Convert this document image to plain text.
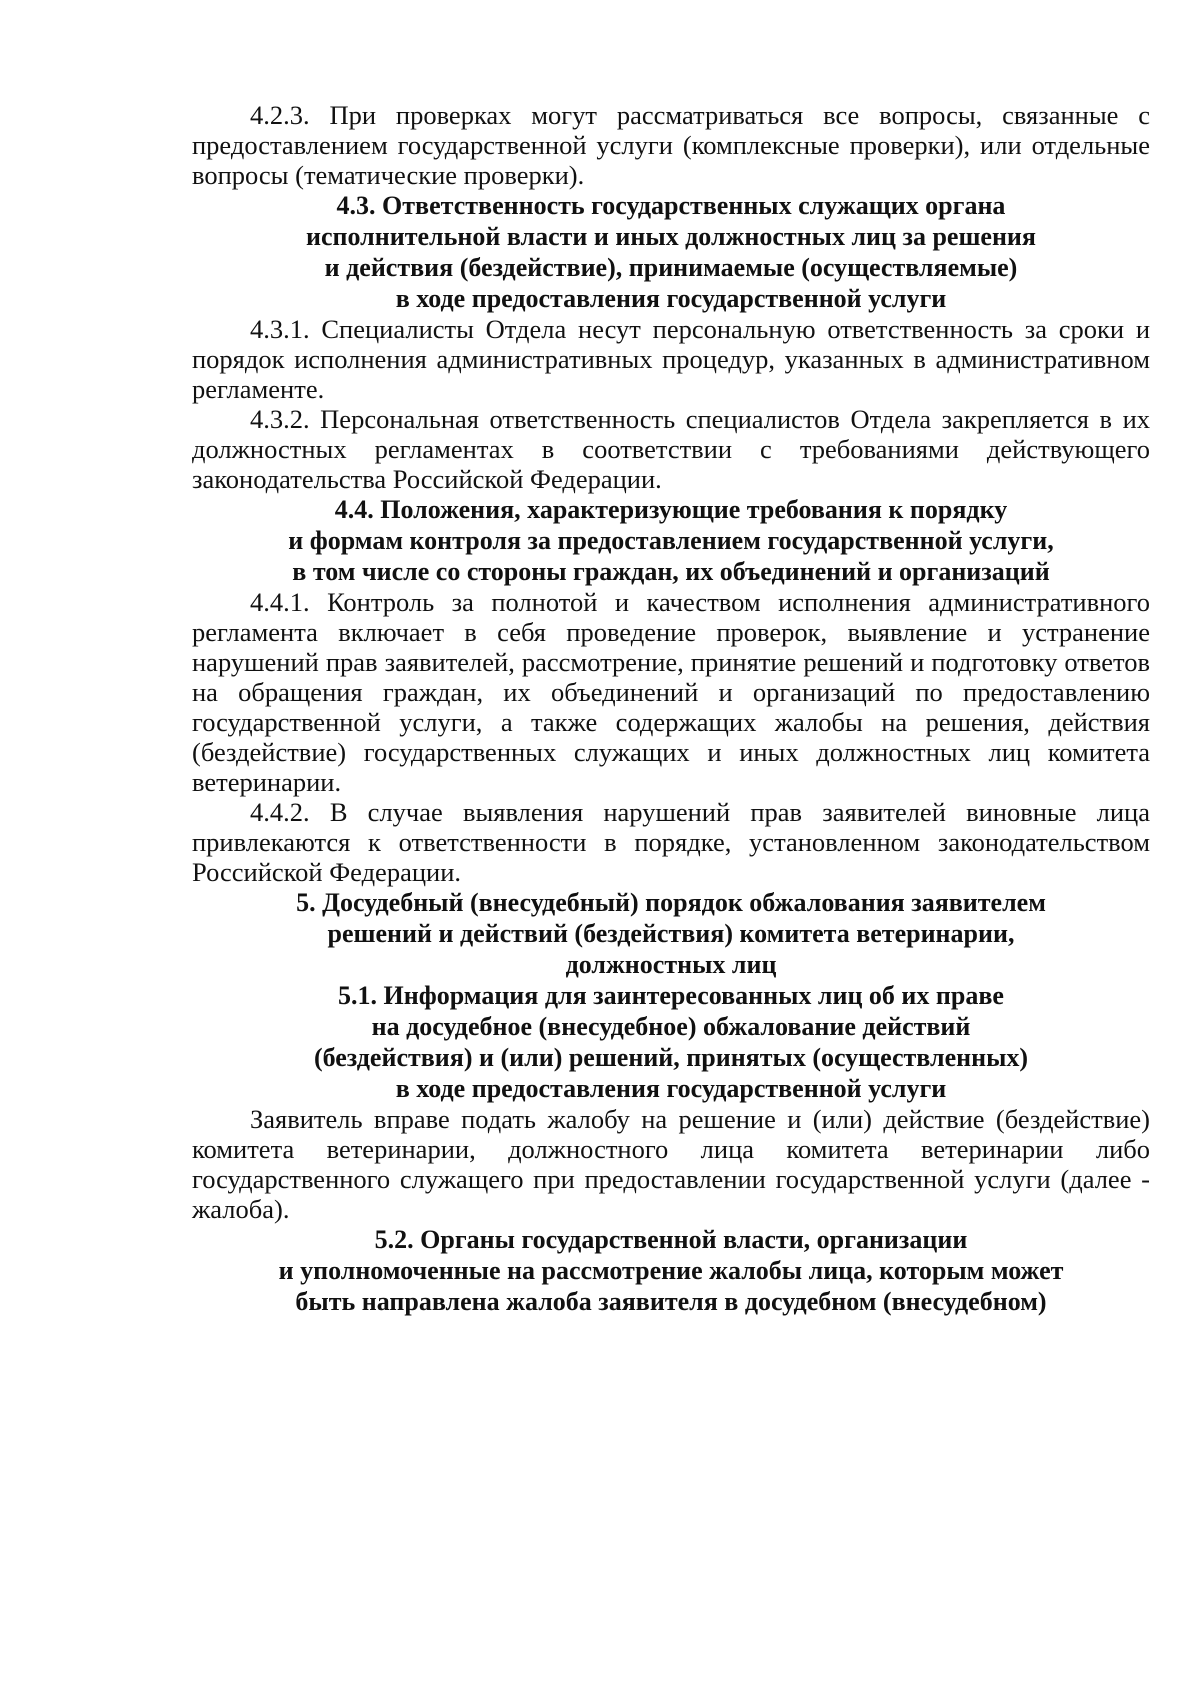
4.2.3. При проверках могут рассматриваться все вопросы, связанные с предоставлением государственной услуги (комплексные проверки), или отдельные вопросы (тематические проверки).

4.3. Ответственность государственных служащих органа
исполнительной власти и иных должностных лиц за решения
и действия (бездействие), принимаемые (осуществляемые)
в ходе предоставления государственной услуги

4.3.1. Специалисты Отдела несут персональную ответственность за сроки и порядок исполнения административных процедур, указанных в административном регламенте.

4.3.2. Персональная ответственность специалистов Отдела закрепляется в их должностных регламентах в соответствии с требованиями действующего законодательства Российской Федерации.

4.4. Положения, характеризующие требования к порядку
и формам контроля за предоставлением государственной услуги,
в том числе со стороны граждан, их объединений и организаций

4.4.1. Контроль за полнотой и качеством исполнения административного регламента включает в себя проведение проверок, выявление и устранение нарушений прав заявителей, рассмотрение, принятие решений и подготовку ответов на обращения граждан, их объединений и организаций по предоставлению государственной услуги, а также содержащих жалобы на решения, действия (бездействие) государственных служащих и иных должностных лиц комитета ветеринарии.

4.4.2. В случае выявления нарушений прав заявителей виновные лица привлекаются к ответственности в порядке, установленном законодательством Российской Федерации.

5. Досудебный (внесудебный) порядок обжалования заявителем
решений и действий (бездействия) комитета ветеринарии,
должностных лиц
5.1. Информация для заинтересованных лиц об их праве
на досудебное (внесудебное) обжалование действий
(бездействия) и (или) решений, принятых (осуществленных)
в ходе предоставления государственной услуги

Заявитель вправе подать жалобу на решение и (или) действие (бездействие) комитета ветеринарии, должностного лица комитета ветеринарии либо государственного служащего при предоставлении государственной услуги (далее - жалоба).

5.2. Органы государственной власти, организации
и уполномоченные на рассмотрение жалобы лица, которым может
быть направлена жалоба заявителя в досудебном (внесудебном)
